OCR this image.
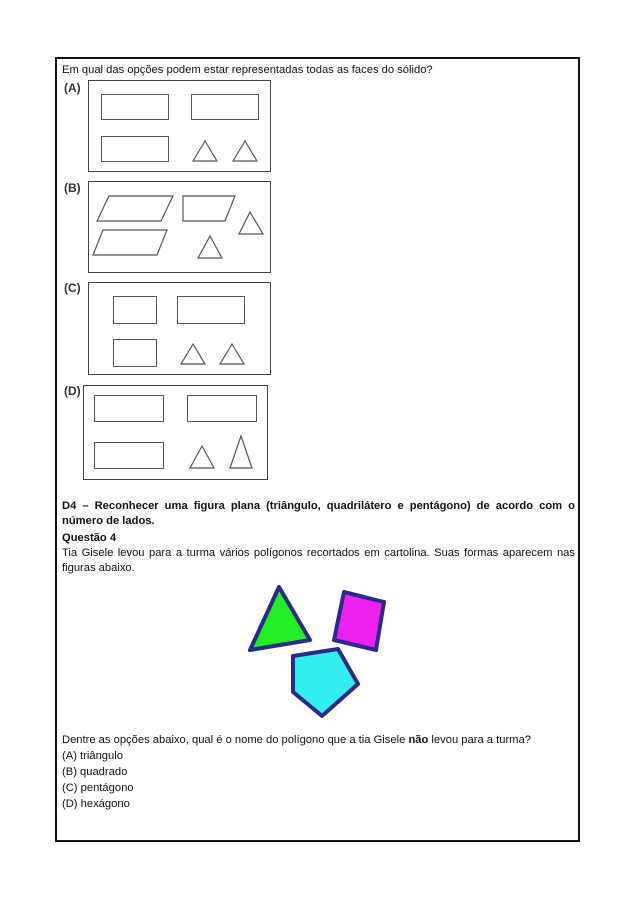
Em qual das opções podem estar representadas todas as faces do sólido?
(A)
(B)
(C)
(D)
D4 – Reconhecer uma figura plana (triângulo, quadrilátero e pentágono) de acordo com o número de lados.
Questão 4
Tia Gisele levou para a turma vários polígonos recortados em cartolina. Suas formas aparecem nas figuras abaixo.
Dentre as opções abaixo, qual é o nome do polígono que a tia Gisele não levou para a turma?
(A) triângulo
(B) quadrado
(C) pentágono
(D) hexágono
